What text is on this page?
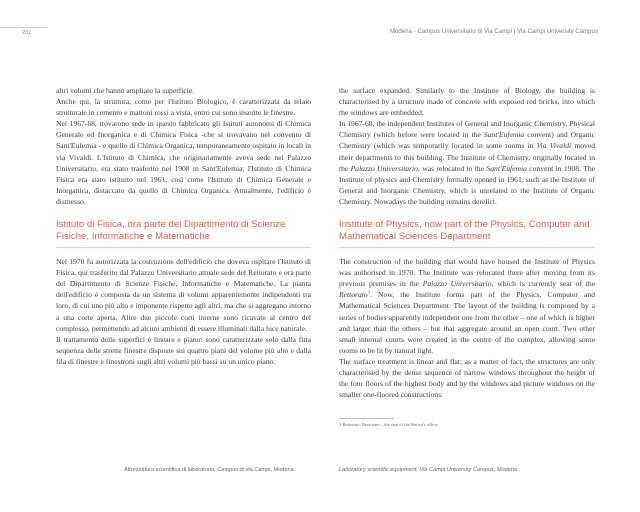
202	Modena - Campus Universitario di Via Campi | Via Campi University Campus

altri volumi che hanno ampliato la superficie.

Anche qui, la struttura, come per l'Istituto Biologico, è caratterizzata da telaio strutturale in cemento e mattoni rossi a vista, entro cui sono inserite le finestre.

Nel 1967-68, trovarono sede in questo fabbricato gli Istituti autonomi di Chimica Generale ed Inorganica e di Chimica Fisica -che si trovavano nel convento di Sant'Eufemia - e quello di Chimica Organica, temporaneamente ospitato in locali in via Vivaldi. L'Istituto di Chimica, che originariamente aveva sede nel Palazzo Universitario, era stato trasferito nel 1908 in Sant'Eufemia; l'Istituto di Chimica Fisica era stato istituito nel 1961, così come l'Istituto di Chimica Generale e Inorganica, distaccato da quello di Chimica Organica. Attualmente, l'edificio è dismesso.

Istituto di Fisica, ora parte del Dipartimento di Scienze Fisiche, Informatiche e Matematiche

Nel 1970 fu autorizzata la costruzione dell'edificio che doveva ospitare l'Istituto di Fisica, qui trasferito dal Palazzo Universitario attuale sede del Rettorato e ora parte del Dipartimento di Scienze Fisiche, Informatiche e Matematiche. La pianta dell'edificio è composta da un sistema di volumi apparentemente indipendenti tra loro, di cui uno più alto e imponente rispetto agli altri, ma che si aggregano intorno a una corte aperta. Altre due piccole corti interne sono ricavate al centro del complesso, permettendo ad alcuni ambienti di essere illuminati dalla luce naturale.

Il trattamento delle superfici è lineare e piano: sono caratterizzate solo dalla fitta sequenza delle strette finestre disposte sui quattro piani del volume più alto e dalla fila di finestre e finestroni sugli altri volumi più bassi su un unico piano.

the surface expanded. Similarly to the Institute of Biology, the building is characterised by a structure made of concrete with exposed red bricks, into which the windows are embedded.

In 1967-68, the independent Institutes of General and Inorganic Chemistry, Physical Chemistry (which before were located in the Sant'Eufemia convent) and Organic Chemistry (which was temporarily located in some rooms in Via Vivaldi moved their departments to this building. The Institute of Chemistry, originally located in the Palazzo Universitario, was relocated to the Sant'Eufemia convent in 1908. The Institute of physics and Chemistry formally opened in 1961, such as the Institute of General and Inorganic Chemistry, which is unrelated to the Institute of Organic Chemistry. Nowadays the building remains derelict.

Institute of Physics, now part of the Physics, Computer and Mathematical Sciences Department

The construction of the building that would have housed the Institute of Physics was authorised in 1970. The Institute was relocated there after moving from its previous premises in the Palazzo Universitario, which is currently seat of the Rettorato$^3$. Now, the Institute forms part of the Physics, Computer and Mathematical Sciences Department. The layout of the building is composed by a series of bodies apparently independent one from the other – one of which is higher and larger than the others – but that aggregate around an open court. Two other small internal courts were created in the centre of the complex, allowing some rooms to be lit by natural light.

The surface treatment is linear and flat; as a matter of fact, the structures are only characterised by the dense sequence of narrow windows throughout the height of the four floors of the highest body and by the windows and picture windows on the smaller one-floored constructions.

3 Rettorato: Rectorate – the seat of the Rector's office
Attrezzatura scientifica di laboratorio, Campus di via Campi, Modena	Laboratory scientific equipment, Via Campi University Campus, Modena
